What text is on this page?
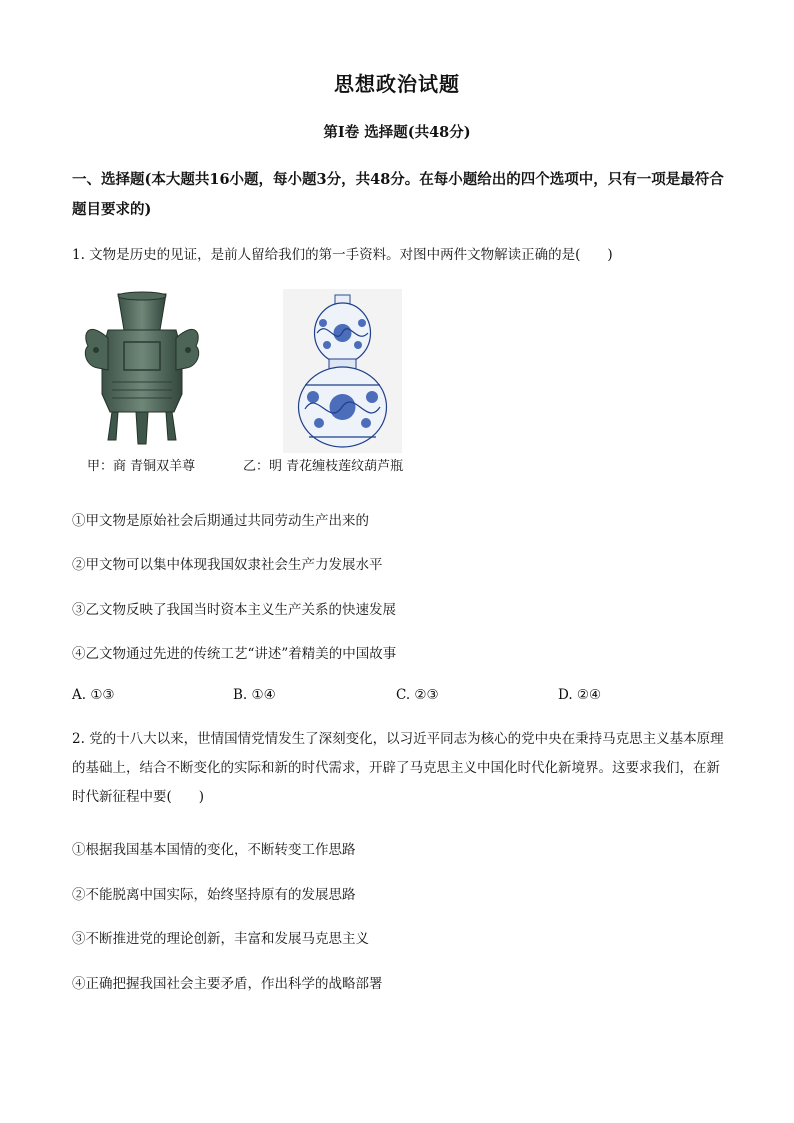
思想政治试题
第Ⅰ卷 选择题(共48分)
一、选择题(本大题共16小题，每小题3分，共48分。在每小题给出的四个选项中，只有一项是最符合题目要求的)
1. 文物是历史的见证，是前人留给我们的第一手资料。对图中两件文物解读正确的是(　　)
甲：商 青铜双羊尊	乙：明 青花缠枝莲纹葫芦瓶
①甲文物是原始社会后期通过共同劳动生产出来的
②甲文物可以集中体现我国奴隶社会生产力发展水平
③乙文物反映了我国当时资本主义生产关系的快速发展
④乙文物通过先进的传统工艺“讲述”着精美的中国故事
A. ①③	B. ①④	C. ②③	D. ②④
2. 党的十八大以来，世情国情党情发生了深刻变化，以习近平同志为核心的党中央在秉持马克思主义基本原理的基础上，结合不断变化的实际和新的时代需求，开辟了马克思主义中国化时代化新境界。这要求我们，在新时代新征程中要(　　)
①根据我国基本国情的变化，不断转变工作思路
②不能脱离中国实际，始终坚持原有的发展思路
③不断推进党的理论创新，丰富和发展马克思主义
④正确把握我国社会主要矛盾，作出科学的战略部署
